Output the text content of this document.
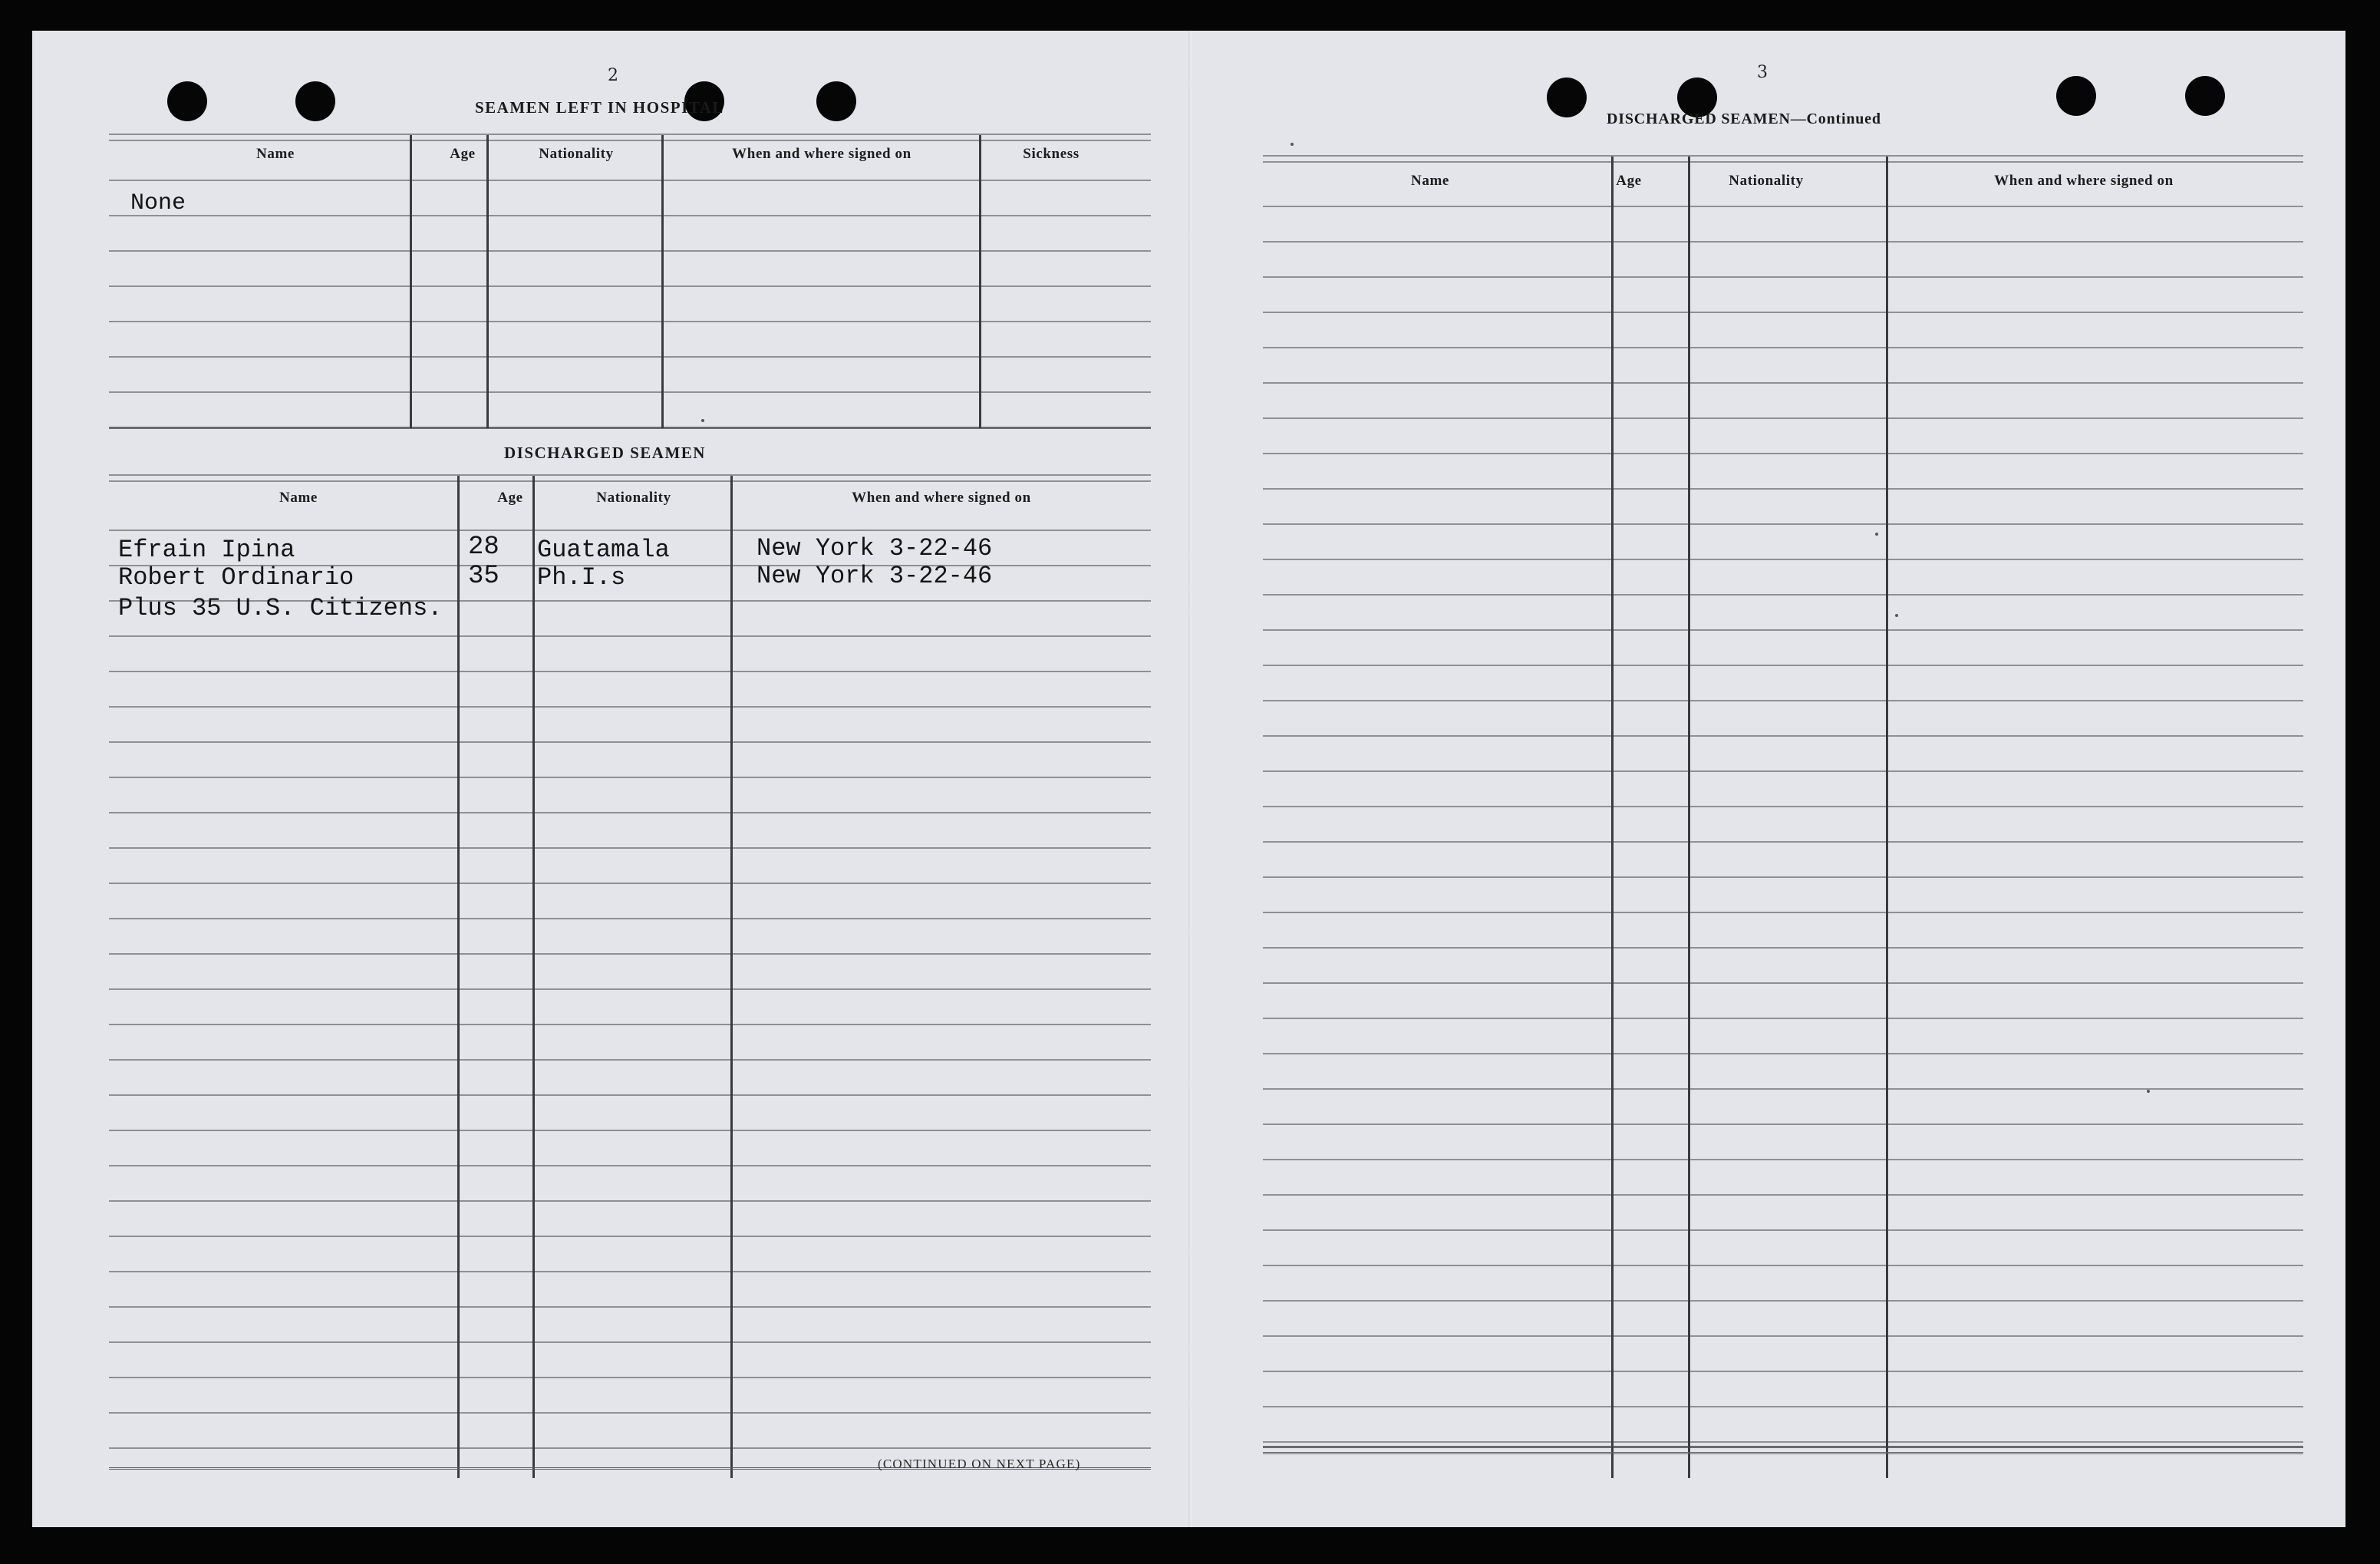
2
SEAMEN LEFT IN HOSPITAL
Name	Age	Nationality	When and where signed on	Sickness
None
DISCHARGED SEAMEN
Name	Age	Nationality	When and where signed on
Efrain Ipina	28 Guatamala	New York 3-22-46
Robert Ordinario	35 Ph.I.s	New York 3-22-46
Plus 35 U.S. Citizens.
(CONTINUED ON NEXT PAGE)
3
DISCHARGED SEAMEN—Continued
Name	Age	Nationality	When and where signed on
